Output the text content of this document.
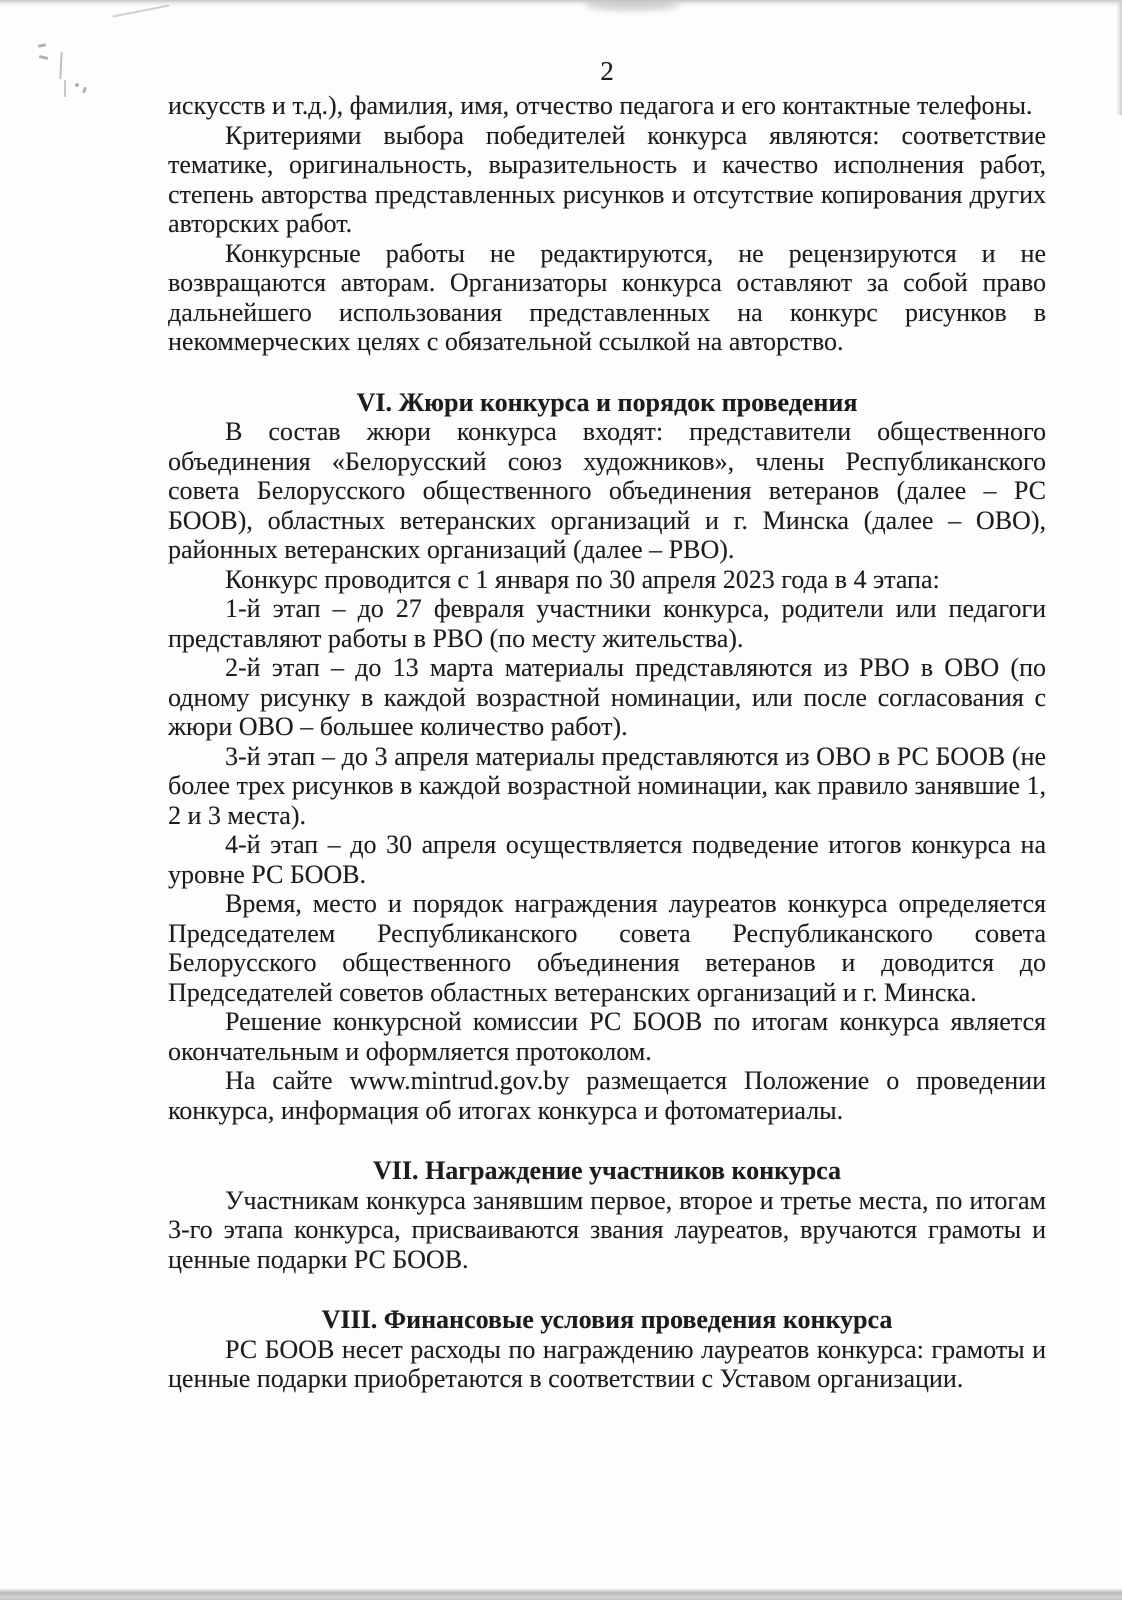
2

искусств и т.д.), фамилия, имя, отчество педагога и его контактные телефоны.

Критериями выбора победителей конкурса являются: соответствие тематике, оригинальность, выразительность и качество исполнения работ, степень авторства представленных рисунков и отсутствие копирования других авторских работ.

Конкурсные работы не редактируются, не рецензируются и не возвращаются авторам. Организаторы конкурса оставляют за собой право дальнейшего использования представленных на конкурс рисунков в некоммерческих целях с обязательной ссылкой на авторство.

VI. Жюри конкурса и порядок проведения

В состав жюри конкурса входят: представители общественного объединения «Белорусский союз художников», члены Республиканского совета Белорусского общественного объединения ветеранов (далее – РС БООВ), областных ветеранских организаций и г. Минска (далее – ОВО), районных ветеранских организаций (далее – РВО).

Конкурс проводится с 1 января по 30 апреля 2023 года в 4 этапа:

1-й этап – до 27 февраля участники конкурса, родители или педагоги представляют работы в РВО (по месту жительства).

2-й этап – до 13 марта материалы представляются из РВО в ОВО (по одному рисунку в каждой возрастной номинации, или после согласования с жюри ОВО – большее количество работ).

3-й этап – до 3 апреля материалы представляются из ОВО в РС БООВ (не более трех рисунков в каждой возрастной номинации, как правило занявшие 1, 2 и 3 места).

4-й этап – до 30 апреля осуществляется подведение итогов конкурса на уровне РС БООВ.

Время, место и порядок награждения лауреатов конкурса определяется Председателем Республиканского совета Республиканского совета Белорусского общественного объединения ветеранов и доводится до Председателей советов областных ветеранских организаций и г. Минска.

Решение конкурсной комиссии РС БООВ по итогам конкурса является окончательным и оформляется протоколом.

На сайте www.mintrud.gov.by размещается Положение о проведении конкурса, информация об итогах конкурса и фотоматериалы.

VII. Награждение участников конкурса

Участникам конкурса занявшим первое, второе и третье места, по итогам 3-го этапа конкурса, присваиваются звания лауреатов, вручаются грамоты и ценные подарки РС БООВ.

VIII. Финансовые условия проведения конкурса

РС БООВ несет расходы по награждению лауреатов конкурса: грамоты и ценные подарки приобретаются в соответствии с Уставом организации.
